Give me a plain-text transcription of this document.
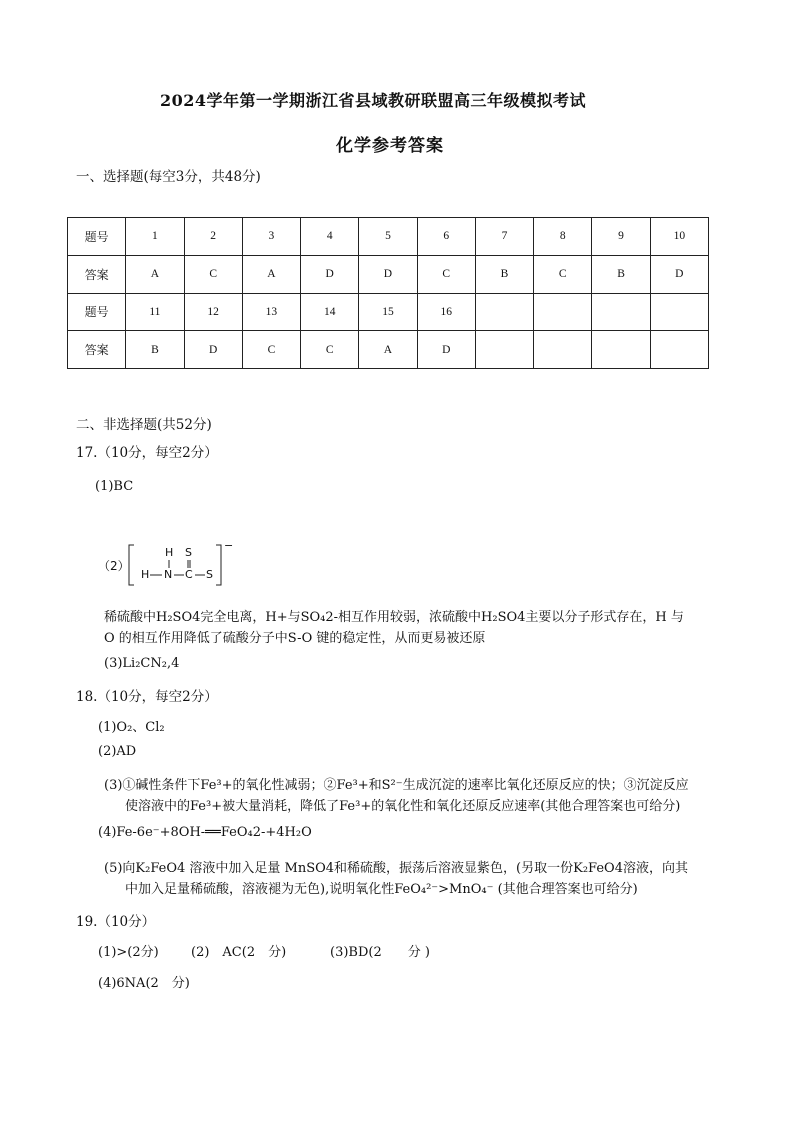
2024学年第一学期浙江省县域教研联盟高三年级模拟考试
化学参考答案
一、选择题(每空3分，共48分)
题号	1	2	3	4	5	6	7	8	9	10
答案	A	C	A	D	D	C	B	C	B	D
题号	11	12	13	14	15	16				
答案	B	D	C	C	A	D				
二、非选择题(共52分)
17.（10分，每空2分）
(1)BC
（2）
H S
H N C S
−
稀硫酸中H₂SO4完全电离，H+与SO₄2-相互作用较弱，浓硫酸中H₂SO4主要以分子形式存在，H 与
O 的相互作用降低了硫酸分子中S-O 键的稳定性，从而更易被还原
(3)Li₂CN₂,4
18.（10分，每空2分）
(1)O₂、Cl₂
(2)AD
(3)①碱性条件下Fe³+的氧化性减弱；②Fe³+和S²⁻生成沉淀的速率比氧化还原反应的快；③沉淀反应
使溶液中的Fe³+被大量消耗，降低了Fe³+的氧化性和氧化还原反应速率(其他合理答案也可给分)
(4)Fe-6e⁻+8OH-══FeO₄2-+4H₂O
(5)向K₂FeO4 溶液中加入足量 MnSO4和稀硫酸，振荡后溶液显紫色，(另取一份K₂FeO4溶液，向其
中加入足量稀硫酸，溶液褪为无色),说明氧化性FeO₄²⁻>MnO₄⁻ (其他合理答案也可给分)
19.（10分）
(1)>(2分) (2)　AC(2　分)	(3)BD(2　　分 )
(4)6NA(2　分)
